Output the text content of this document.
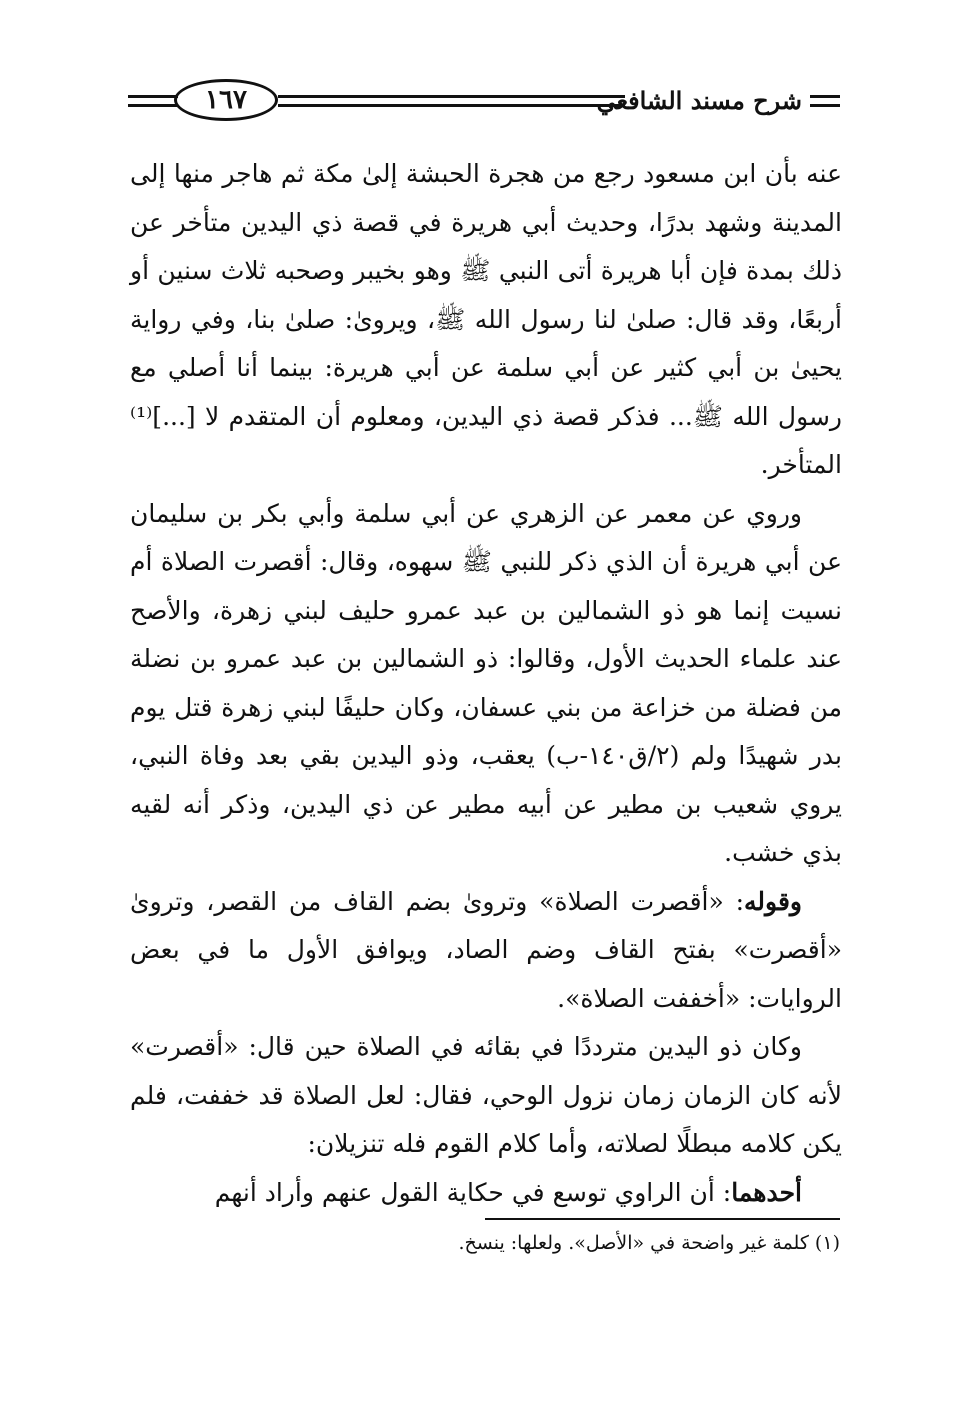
شرح مسند الشافعي
١٦٧

عنه بأن ابن مسعود رجع من هجرة الحبشة إلىٰ مكة ثم هاجر منها إلى المدينة وشهد بدرًا، وحديث أبي هريرة في قصة ذي اليدين متأخر عن ذلك بمدة فإن أبا هريرة أتى النبي ﷺ وهو بخيبر وصحبه ثلاث سنين أو أربعًا، وقد قال: صلىٰ لنا رسول الله ﷺ، ويروىٰ: صلىٰ بنا، وفي رواية يحيىٰ بن أبي كثير عن أبي سلمة عن أبي هريرة: بينما أنا أصلي مع رسول الله ﷺ... فذكر قصة ذي اليدين، ومعلوم أن المتقدم لا [...]⁽¹⁾ المتأخر.

وروي عن معمر عن الزهري عن أبي سلمة وأبي بكر بن سليمان عن أبي هريرة أن الذي ذكر للنبي ﷺ سهوه، وقال: أقصرت الصلاة أم نسيت إنما هو ذو الشمالين بن عبد عمرو حليف لبني زهرة، والأصح عند علماء الحديث الأول، وقالوا: ذو الشمالين بن عبد عمرو بن نضلة من فضلة من خزاعة من بني عسفان، وكان حليفًا لبني زهرة قتل يوم بدر شهيدًا ولم (٢/ق١٤٠-ب) يعقب، وذو اليدين بقي بعد وفاة النبي، يروي شعيب بن مطير عن أبيه مطير عن ذي اليدين، وذكر أنه لقيه بذي خشب.

وقوله: «أقصرت الصلاة» وتروىٰ بضم القاف من القصر، وتروىٰ «أقصرت» بفتح القاف وضم الصاد، ويوافق الأول ما في بعض الروايات: «أخففت الصلاة».

وكان ذو اليدين مترددًا في بقائه في الصلاة حين قال: «أقصرت» لأنه كان الزمان زمان نزول الوحي، فقال: لعل الصلاة قد خففت، فلم يكن كلامه مبطلًا لصلاته، وأما كلام القوم فله تنزيلان:

أحدهما: أن الراوي توسع في حكاية القول عنهم وأراد أنهم

(١) كلمة غير واضحة في «الأصل». ولعلها: ينسخ.
